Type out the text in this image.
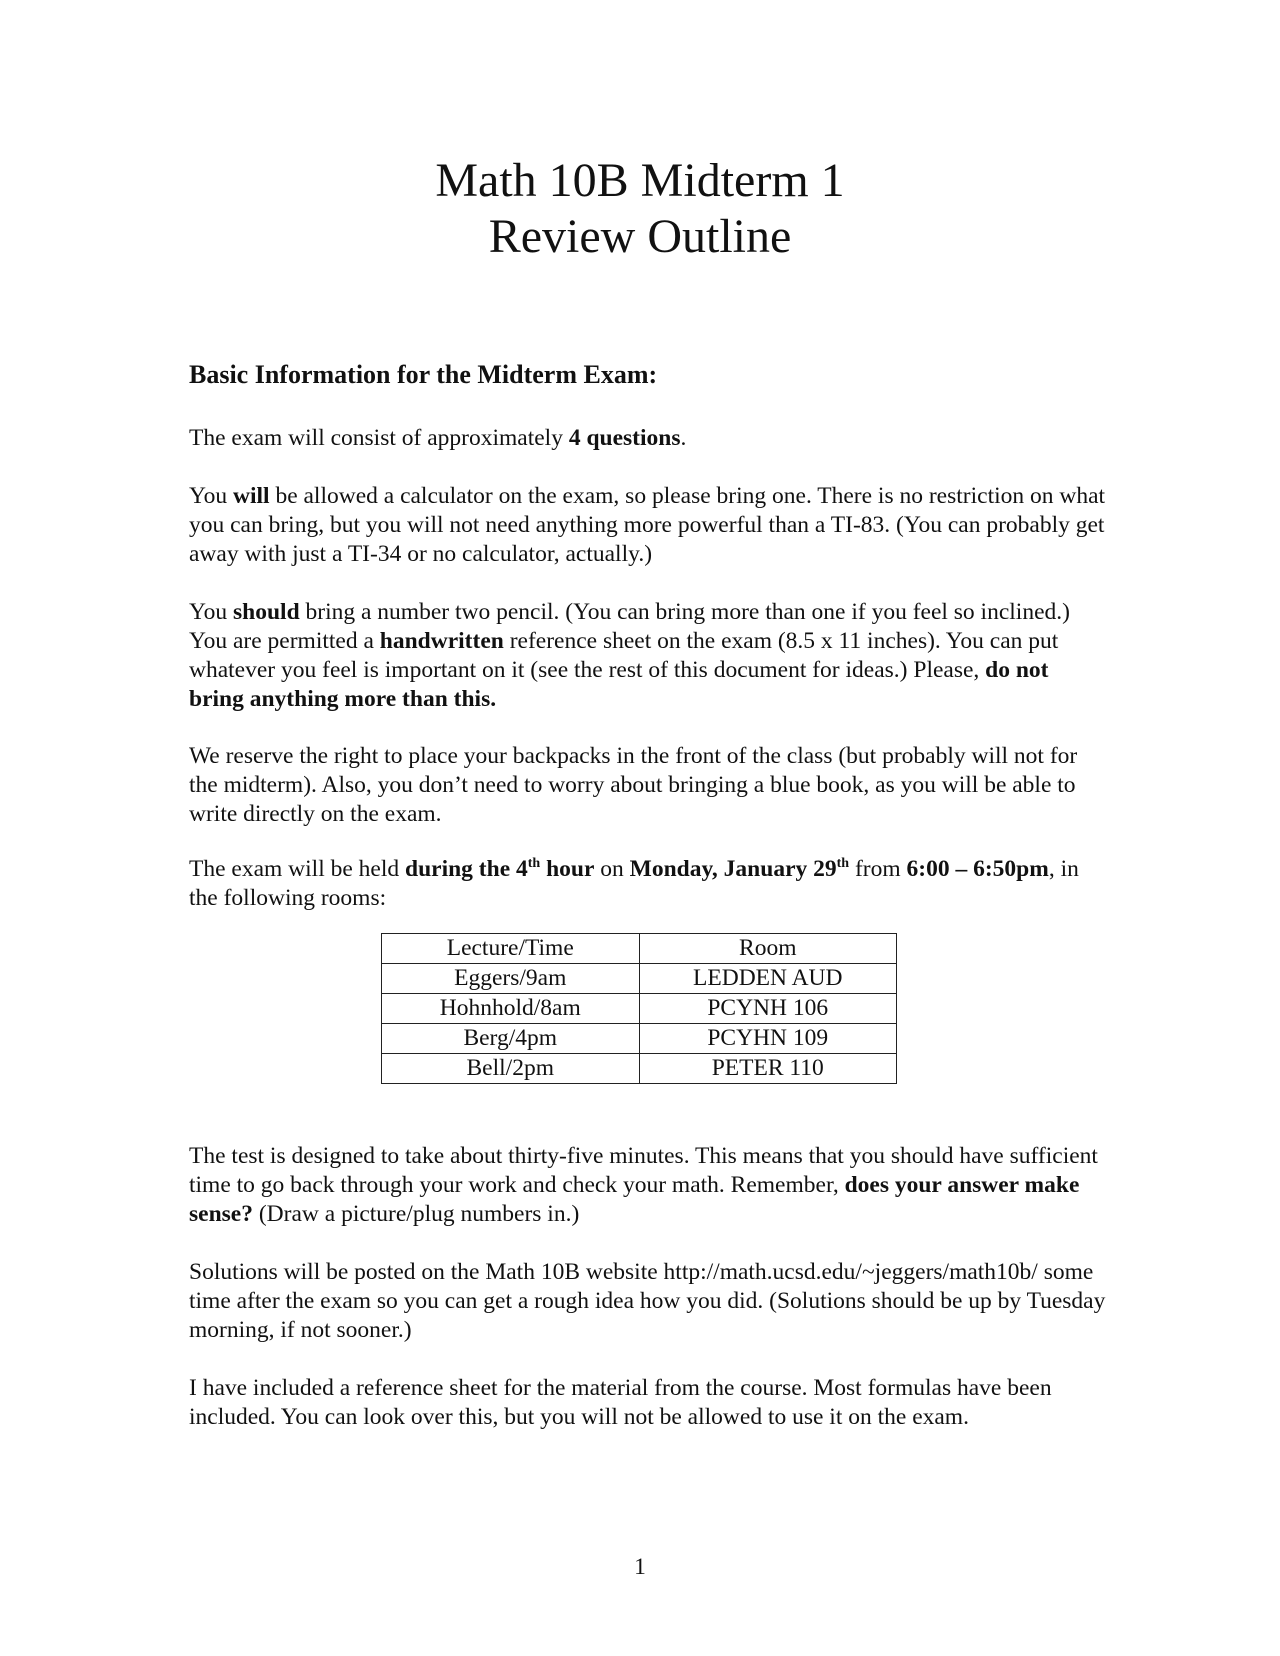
Math 10B Midterm 1
Review Outline
Basic Information for the Midterm Exam:

The exam will consist of approximately 4 questions.

You will be allowed a calculator on the exam, so please bring one. There is no restriction on what you can bring, but you will not need anything more powerful than a TI-83. (You can probably get away with just a TI-34 or no calculator, actually.)

You should bring a number two pencil. (You can bring more than one if you feel so inclined.) You are permitted a handwritten reference sheet on the exam (8.5 x 11 inches). You can put whatever you feel is important on it (see the rest of this document for ideas.) Please, do not bring anything more than this.

We reserve the right to place your backpacks in the front of the class (but probably will not for the midterm). Also, you don’t need to worry about bringing a blue book, as you will be able to write directly on the exam.

The exam will be held during the 4th hour on Monday, January 29th from 6:00 – 6:50pm, in the following rooms:

Lecture/Time	Room
Eggers/9am	LEDDEN AUD
Hohnhold/8am	PCYNH 106
Berg/4pm	PCYHN 109
Bell/2pm	PETER 110

The test is designed to take about thirty-five minutes. This means that you should have sufficient time to go back through your work and check your math. Remember, does your answer make sense? (Draw a picture/plug numbers in.)

Solutions will be posted on the Math 10B website http://math.ucsd.edu/~jeggers/math10b/ some time after the exam so you can get a rough idea how you did. (Solutions should be up by Tuesday morning, if not sooner.)

I have included a reference sheet for the material from the course. Most formulas have been included. You can look over this, but you will not be allowed to use it on the exam.

1
